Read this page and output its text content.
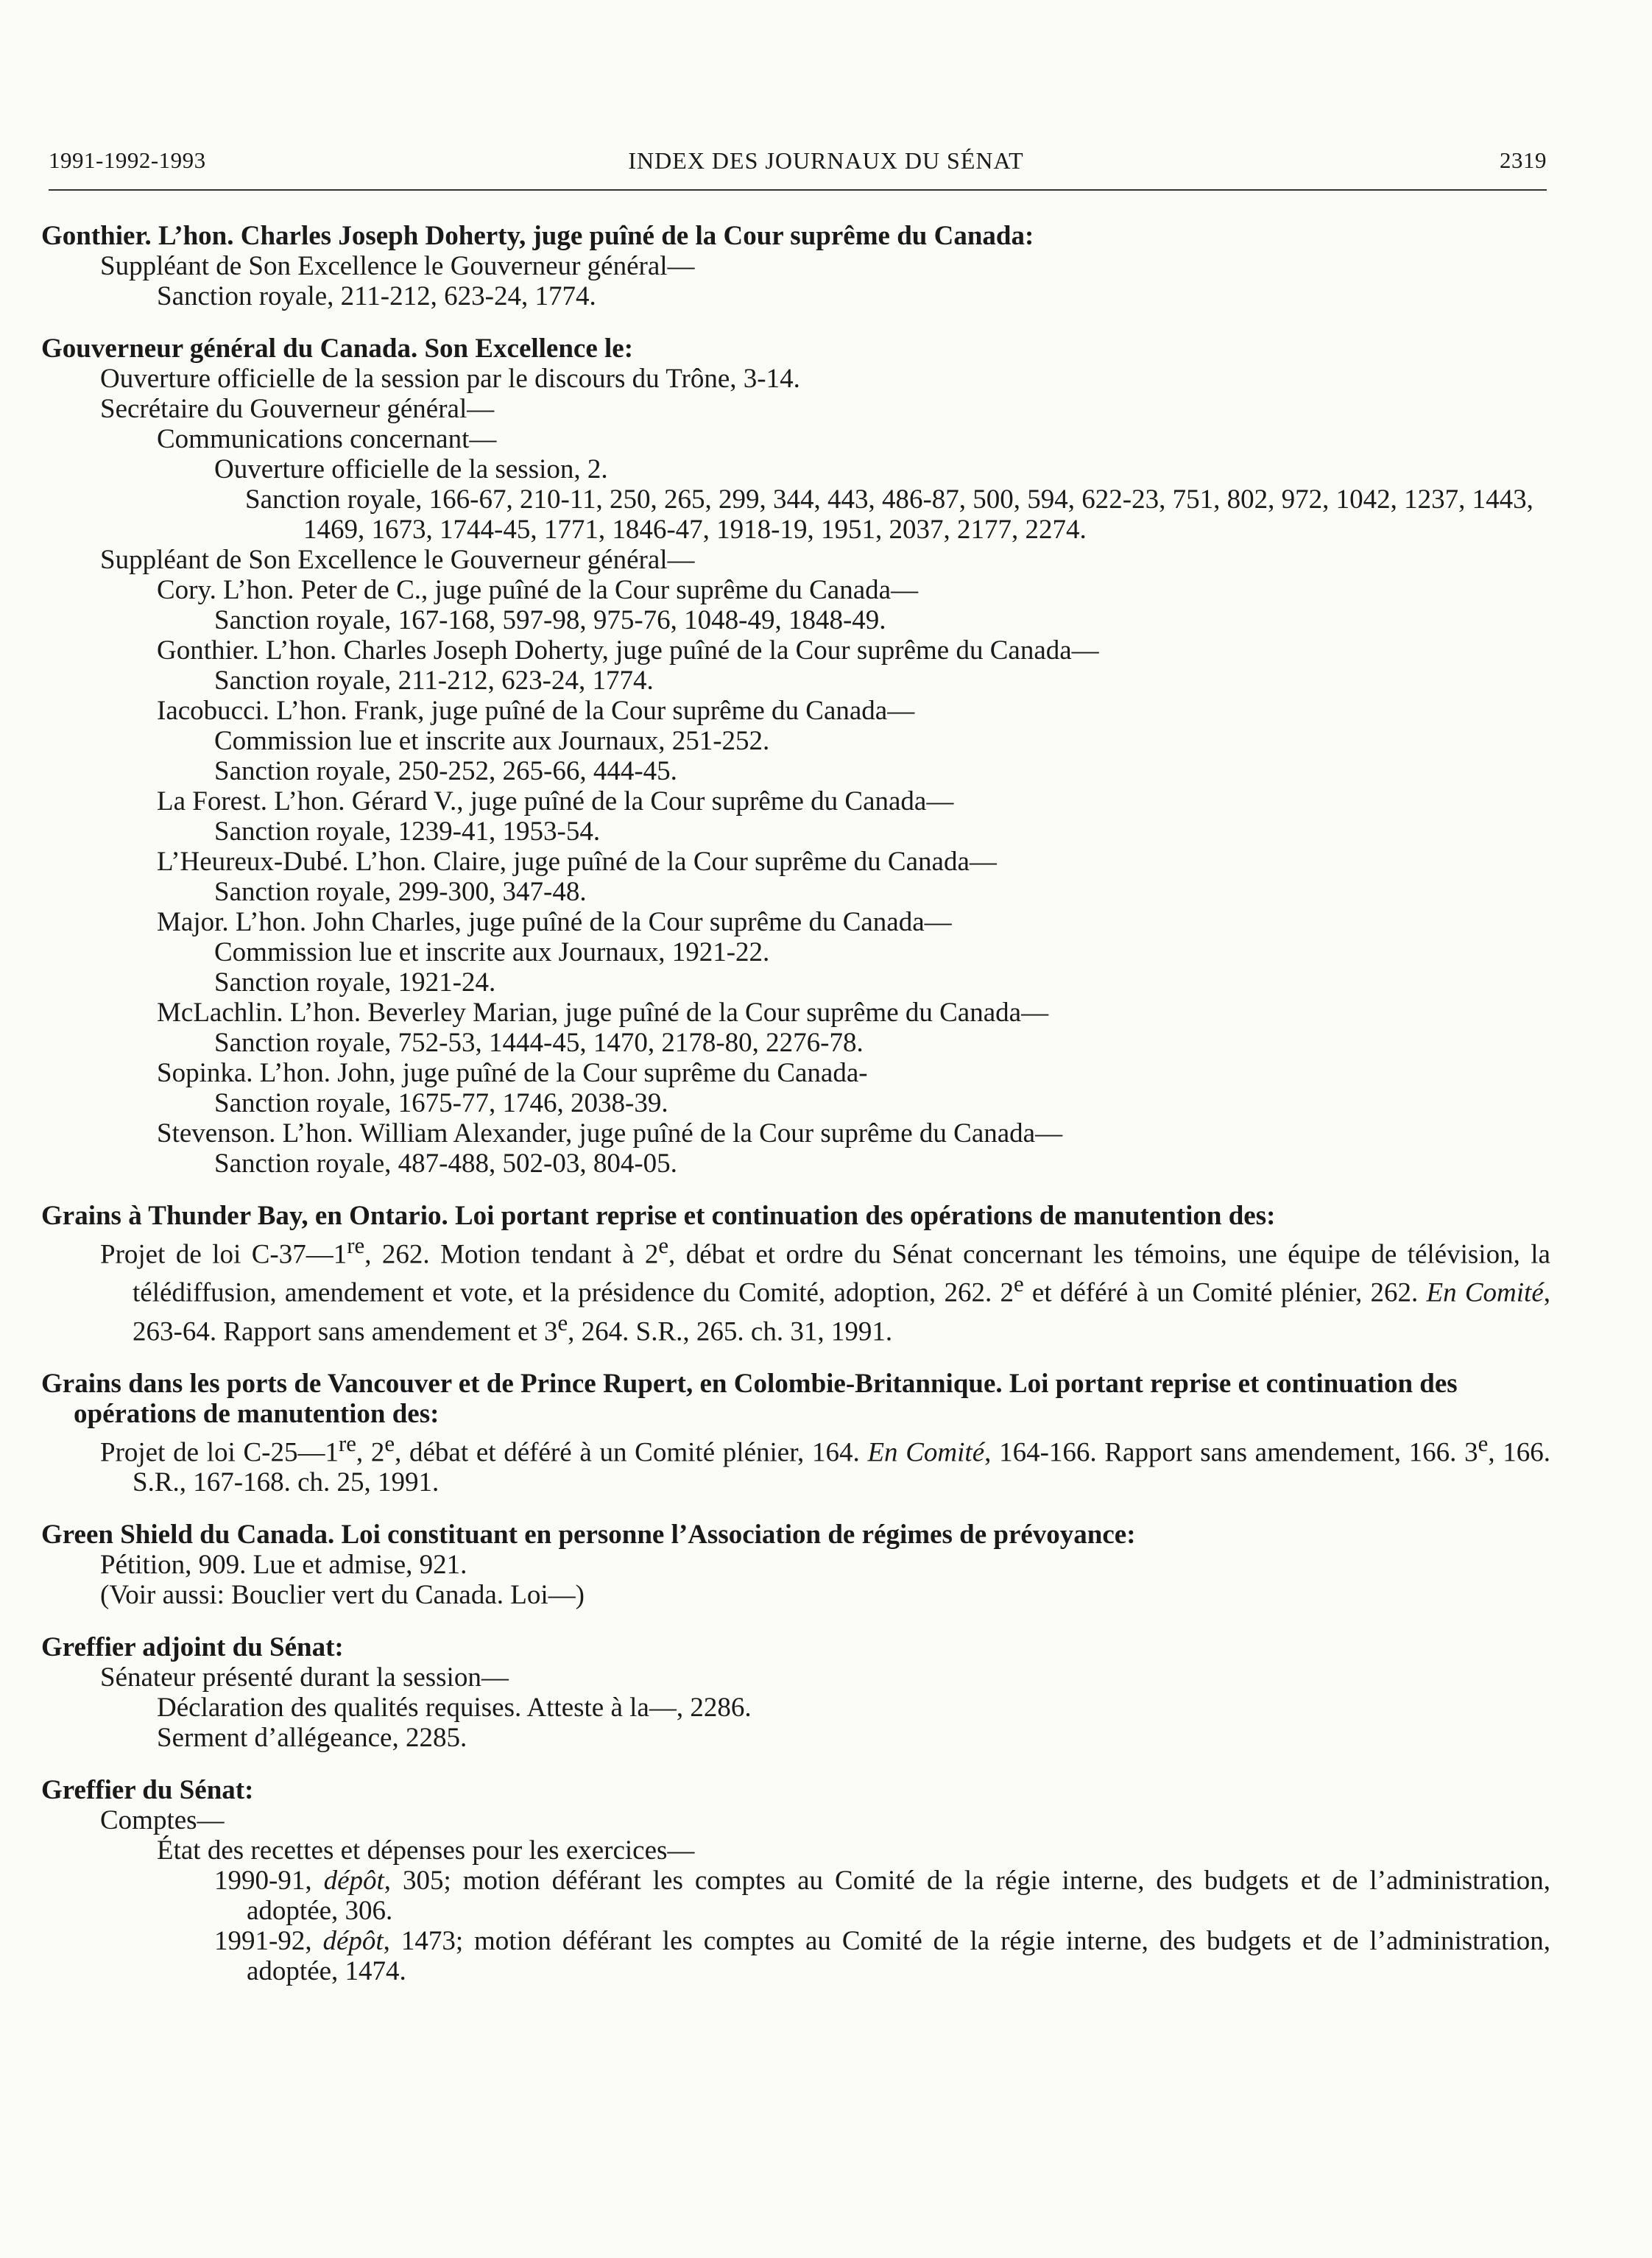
INDEX DES JOURNAUX DU SÉNAT
1991-1992-1993	2319
Gonthier. L’hon. Charles Joseph Doherty, juge puîné de la Cour suprême du Canada:
Suppléant de Son Excellence le Gouverneur général—
Sanction royale, 211-212, 623-24, 1774.
Gouverneur général du Canada. Son Excellence le:
Ouverture officielle de la session par le discours du Trône, 3-14.
Secrétaire du Gouverneur général—
Communications concernant—
Ouverture officielle de la session, 2.
Sanction royale, 166-67, 210-11, 250, 265, 299, 344, 443, 486-87, 500, 594, 622-23, 751, 802, 972, 1042, 1237, 1443, 1469, 1673, 1744-45, 1771, 1846-47, 1918-19, 1951, 2037, 2177, 2274.
Suppléant de Son Excellence le Gouverneur général—
Cory. L’hon. Peter de C., juge puîné de la Cour suprême du Canada—
Sanction royale, 167-168, 597-98, 975-76, 1048-49, 1848-49.
Gonthier. L’hon. Charles Joseph Doherty, juge puîné de la Cour suprême du Canada—
Sanction royale, 211-212, 623-24, 1774.
Iacobucci. L’hon. Frank, juge puîné de la Cour suprême du Canada—
Commission lue et inscrite aux Journaux, 251-252.
Sanction royale, 250-252, 265-66, 444-45.
La Forest. L’hon. Gérard V., juge puîné de la Cour suprême du Canada—
Sanction royale, 1239-41, 1953-54.
L’Heureux-Dubé. L’hon. Claire, juge puîné de la Cour suprême du Canada—
Sanction royale, 299-300, 347-48.
Major. L’hon. John Charles, juge puîné de la Cour suprême du Canada—
Commission lue et inscrite aux Journaux, 1921-22.
Sanction royale, 1921-24.
McLachlin. L’hon. Beverley Marian, juge puîné de la Cour suprême du Canada—
Sanction royale, 752-53, 1444-45, 1470, 2178-80, 2276-78.
Sopinka. L’hon. John, juge puîné de la Cour suprême du Canada-
Sanction royale, 1675-77, 1746, 2038-39.
Stevenson. L’hon. William Alexander, juge puîné de la Cour suprême du Canada—
Sanction royale, 487-488, 502-03, 804-05.
Grains à Thunder Bay, en Ontario. Loi portant reprise et continuation des opérations de manutention des:
Projet de loi C-37—1re, 262. Motion tendant à 2e, débat et ordre du Sénat concernant les témoins, une équipe de télévision, la télédiffusion, amendement et vote, et la présidence du Comité, adoption, 262. 2e et déféré à un Comité plénier, 262. En Comité, 263-64. Rapport sans amendement et 3e, 264. S.R., 265. ch. 31, 1991.
Grains dans les ports de Vancouver et de Prince Rupert, en Colombie-Britannique. Loi portant reprise et continuation des opérations de manutention des:
Projet de loi C-25—1re, 2e, débat et déféré à un Comité plénier, 164. En Comité, 164-166. Rapport sans amendement, 166. 3e, 166. S.R., 167-168. ch. 25, 1991.
Green Shield du Canada. Loi constituant en personne l’Association de régimes de prévoyance:
Pétition, 909. Lue et admise, 921.
(Voir aussi: Bouclier vert du Canada. Loi—)
Greffier adjoint du Sénat:
Sénateur présenté durant la session—
Déclaration des qualités requises. Atteste à la—, 2286.
Serment d’allégeance, 2285.
Greffier du Sénat:
Comptes—
État des recettes et dépenses pour les exercices—
1990-91, dépôt, 305; motion déférant les comptes au Comité de la régie interne, des budgets et de l’administration, adoptée, 306.
1991-92, dépôt, 1473; motion déférant les comptes au Comité de la régie interne, des budgets et de l’administration, adoptée, 1474.
